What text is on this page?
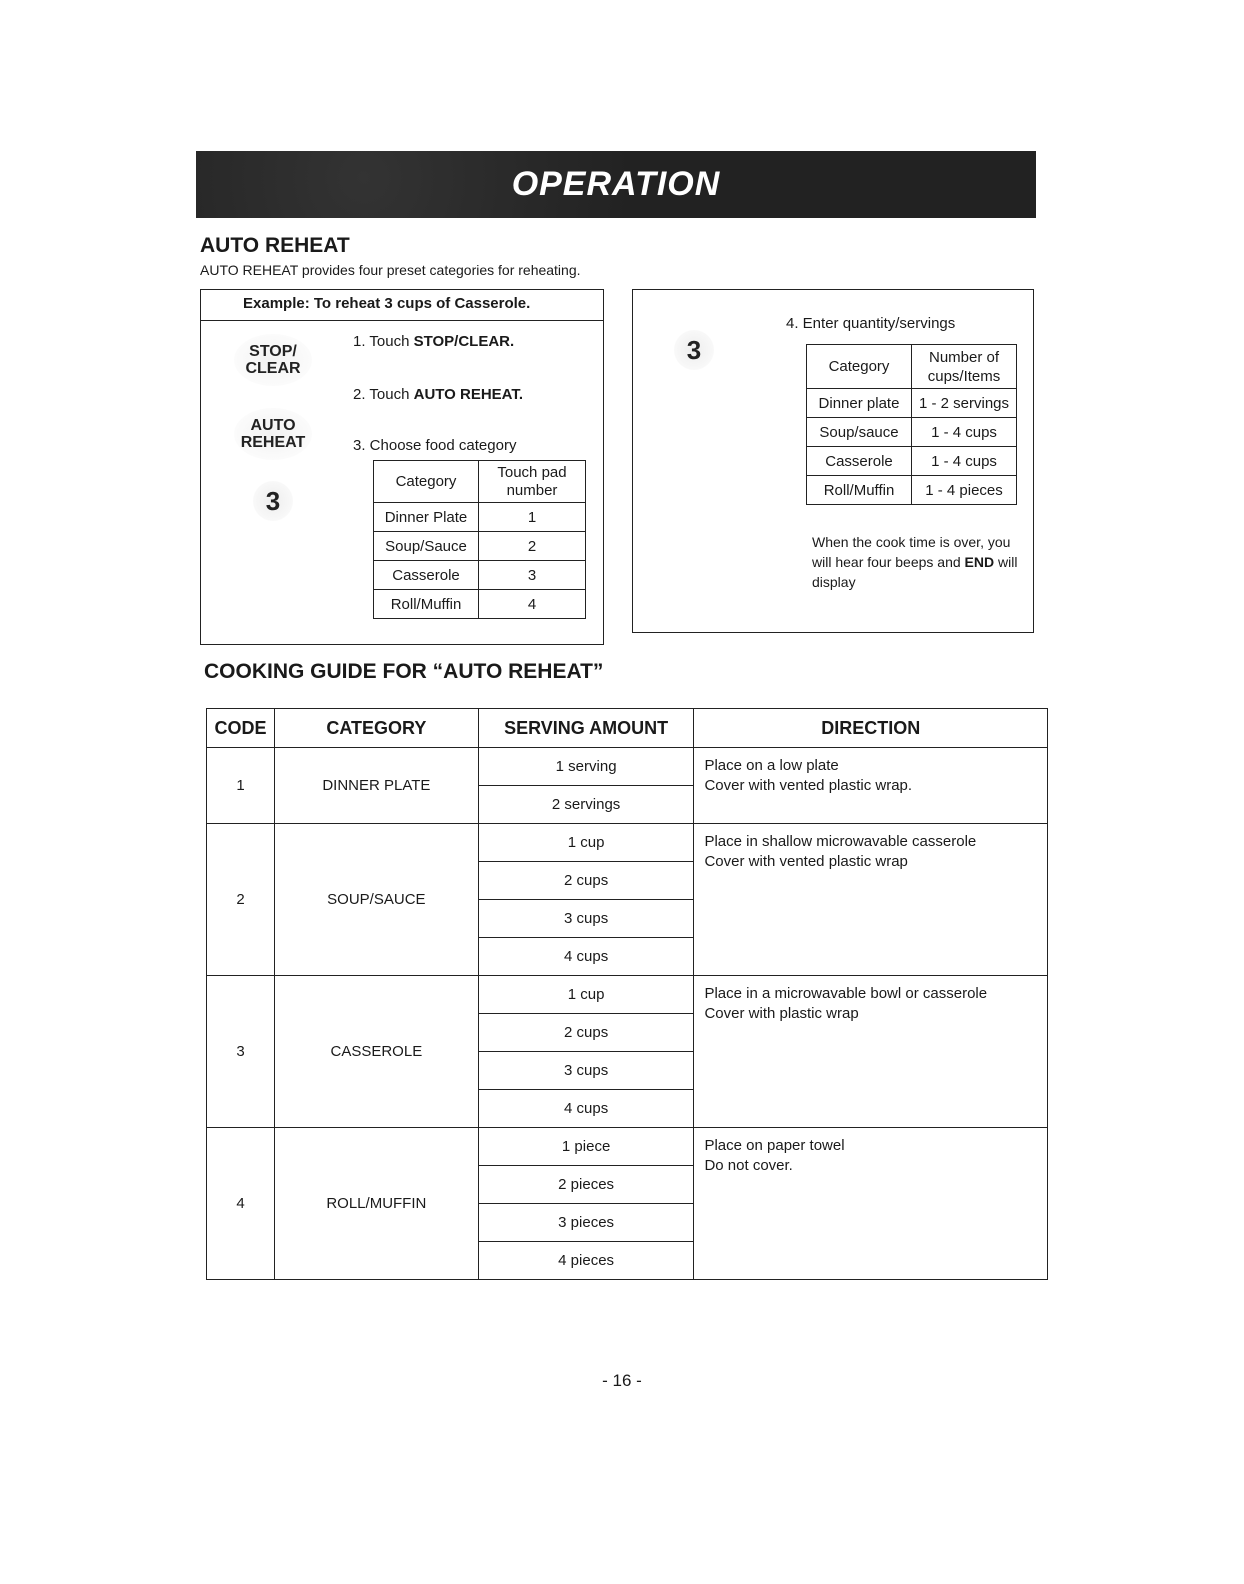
OPERATION
AUTO REHEAT
AUTO REHEAT provides four preset categories for reheating.
Example: To reheat 3 cups of Casserole.
STOP/
CLEAR
AUTO
REHEAT
3
1. Touch STOP/CLEAR.
2. Touch AUTO REHEAT.
3. Choose food category
Category	Touch pad number
Dinner Plate	1
Soup/Sauce	2
Casserole	3
Roll/Muffin	4
3
4. Enter quantity/servings
Category	Number of cups/Items
Dinner plate	1 - 2 servings
Soup/sauce	1 - 4 cups
Casserole	1 - 4 cups
Roll/Muffin	1 - 4 pieces
When the cook time is over, you will hear four beeps and END will display
COOKING GUIDE FOR “AUTO REHEAT”
CODE	CATEGORY	SERVING AMOUNT	DIRECTION
1	DINNER PLATE	1 serving	Place on a low plate
Cover with vented plastic wrap.

		2 servings	
2	SOUP/SAUCE	1 cup	Place in shallow microwavable casserole
Cover with vented plastic wrap

		2 cups	
		3 cups	
		4 cups	
3	CASSEROLE	1 cup	Place in a microwavable bowl or casserole
Cover with plastic wrap

		2 cups	
		3 cups	
		4 cups	
4	ROLL/MUFFIN	1 piece	Place on paper towel
Do not cover.

		2 pieces	
		3 pieces	
		4 pieces	
- 16 -
